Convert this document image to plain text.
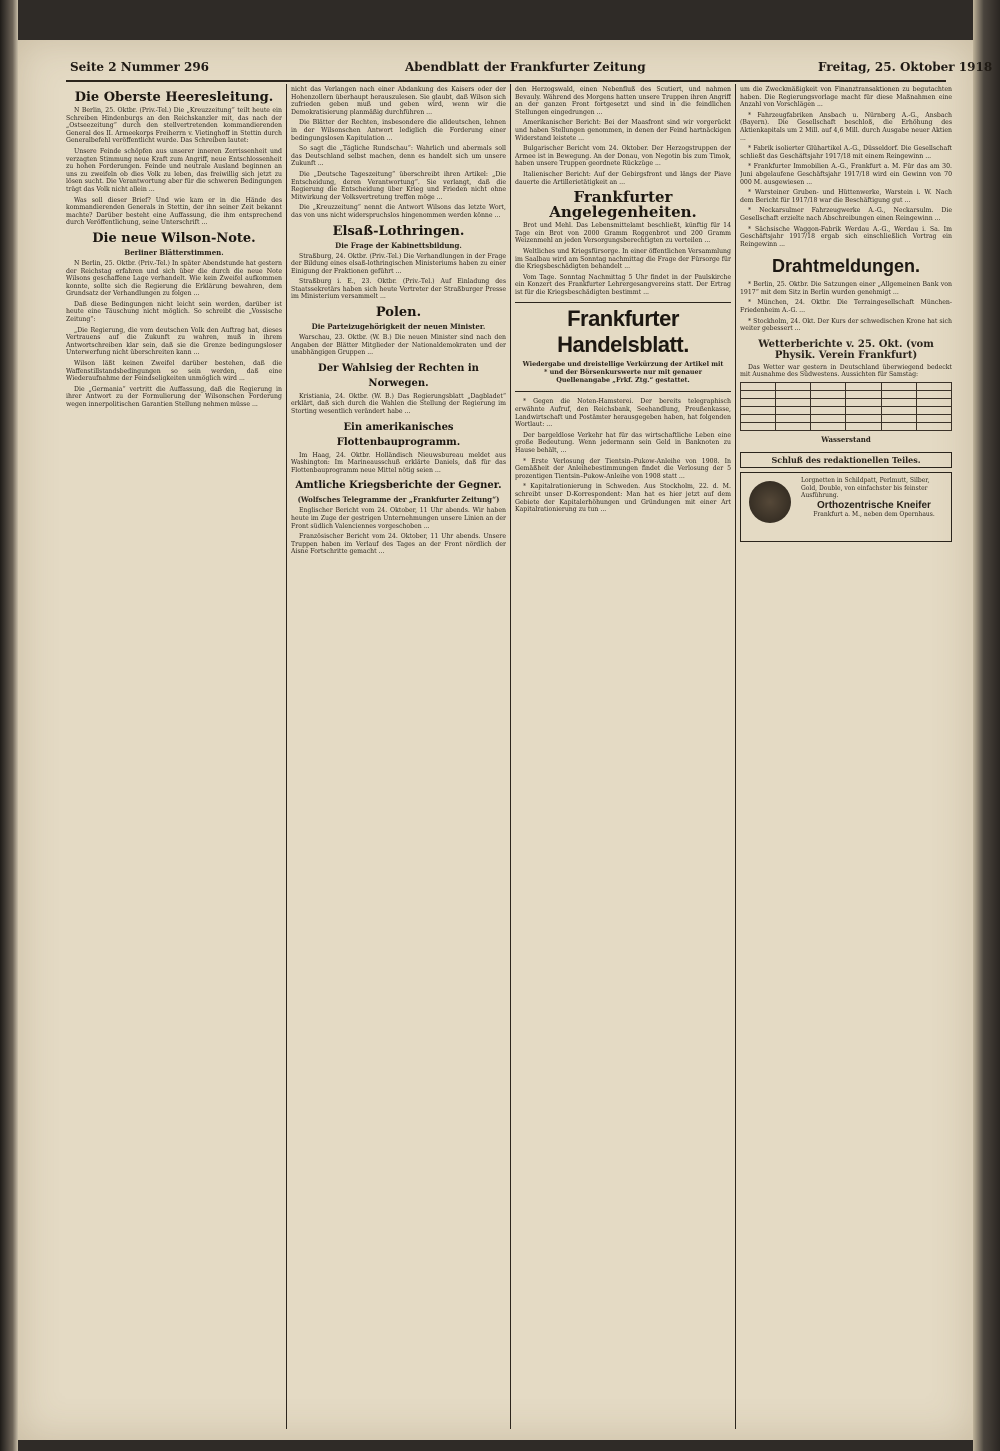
Seite 2 Nummer 296	Abendblatt der Frankfurter Zeitung	Freitag, 25. Oktober 1918
Die Oberste Heeresleitung.

N Berlin, 25. Oktbr. (Priv.-Tel.) Die „Kreuzzeitung“ teilt heute ein Schreiben Hindenburgs an den Reichskanzler mit, das nach der „Ostseezeitung“ durch den stellvertretenden kommandierenden General des II. Armeekorps Freiherrn v. Vietinghoff in Stettin durch Generalbefehl veröffentlicht wurde. Das Schreiben lautet:

Unsere Feinde schöpfen aus unserer inneren Zerrissenheit und verzagten Stimmung neue Kraft zum Angriff, neue Entschlossenheit zu hohen Forderungen. Feinde und neutrale Ausland beginnen an uns zu zweifeln ob dies Volk zu leben, das freiwillig sich jetzt zu lösen sucht. Die Verantwortung aber für die schweren Bedingungen trägt das Volk nicht allein ...

Was soll dieser Brief? Und wie kam er in die Hände des kommandierenden Generals in Stettin, der ihn seiner Zeit bekannt machte? Darüber besteht eine Auffassung, die ihm entsprechend durch Veröffentlichung, seine Unterschrift ...

Die neue Wilson-Note.
Berliner Blätterstimmen.

N Berlin, 25. Oktbr. (Priv.-Tel.) In später Abendstunde hat gestern der Reichstag erfahren und sich über die durch die neue Note Wilsons geschaffene Lage verhandelt. Wie kein Zweifel aufkommen konnte, sollte sich die Regierung die Erklärung bewahren, dem Grundsatz der Verhandlungen zu folgen ...

Daß diese Bedingungen nicht leicht sein werden, darüber ist heute eine Täuschung nicht möglich. So schreibt die „Vossische Zeitung“:

„Die Regierung, die vom deutschen Volk den Auftrag hat, dieses Vertrauens auf die Zukunft zu wahren, muß in ihrem Antwortschreiben klar sein, daß sie die Grenze bedingungsloser Unterwerfung nicht überschreiten kann ...

Wilson läßt keinen Zweifel darüber bestehen, daß die Waffenstillstandsbedingungen so sein werden, daß eine Wiederaufnahme der Feindseligkeiten unmöglich wird ...

Die „Germania“ vertritt die Auffassung, daß die Regierung in ihrer Antwort zu der Formulierung der Wilsonschen Forderung wegen innerpolitischen Garantien Stellung nehmen müsse ...

nicht das Verlangen nach einer Abdankung des Kaisers oder der Hohenzollern überhaupt herauszulesen. Sie glaubt, daß Wilson sich zufrieden geben muß und geben wird, wenn wir die Demokratisierung planmäßig durchführen ...

Die Blätter der Rechten, insbesondere die alldeutschen, lehnen in der Wilsonschen Antwort lediglich die Forderung einer bedingungslosen Kapitulation ...

So sagt die „Tägliche Rundschau“: Wahrlich und abermals soll das Deutschland selbst machen, denn es handelt sich um unsere Zukunft ...

Die „Deutsche Tageszeitung“ überschreibt ihren Artikel: „Die Entscheidung, deren Verantwortung“. Sie verlangt, daß die Regierung die Entscheidung über Krieg und Frieden nicht ohne Mitwirkung der Volksvertretung treffen möge ...

Die „Kreuzzeitung“ nennt die Antwort Wilsons das letzte Wort, das von uns nicht widerspruchslos hingenommen werden könne ...

Elsaß-Lothringen.
Die Frage der Kabinettsbildung.

Straßburg, 24. Oktbr. (Priv.-Tel.) Die Verhandlungen in der Frage der Bildung eines elsaß-lothringischen Ministeriums haben zu einer Einigung der Fraktionen geführt ...

Straßburg i. E., 23. Oktbr. (Priv.-Tel.) Auf Einladung des Staatssekretärs haben sich heute Vertreter der Straßburger Presse im Ministerium versammelt ...

Polen.
Die Parteizugehörigkeit der neuen Minister.

Warschau, 23. Oktbr. (W. B.) Die neuen Minister sind nach den Angaben der Blätter Mitglieder der Nationaldemokraten und der unabhängigen Gruppen ...

Der Wahlsieg der Rechten in Norwegen.

Kristiania, 24. Oktbr. (W. B.) Das Regierungsblatt „Dagbladet“ erklärt, daß sich durch die Wahlen die Stellung der Regierung im Storting wesentlich verändert habe ...

Ein amerikanisches Flottenbauprogramm.

Im Haag, 24. Oktbr. Holländisch Nieuwsbureau meldet aus Washington: Im Marineausschuß erklärte Daniels, daß für das Flottenbauprogramm neue Mittel nötig seien ...

Amtliche Kriegsberichte der Gegner.
(Wolfsches Telegramme der „Frankfurter Zeitung“)

Englischer Bericht vom 24. Oktober, 11 Uhr abends. Wir haben heute im Zuge der gestrigen Unternehmungen unsere Linien an der Front südlich Valenciennes vorgeschoben ...

Französischer Bericht vom 24. Oktober, 11 Uhr abends. Unsere Truppen haben im Verlauf des Tages an der Front nördlich der Aisne Fortschritte gemacht ...

den Herzogswald, einen Nebenfluß des Scutiert, und nahmen Bevauly. Während des Morgens hatten unsere Truppen ihren Angriff an der ganzen Front fortgesetzt und sind in die feindlichen Stellungen eingedrungen ...

Amerikanischer Bericht: Bei der Maasfront sind wir vorgerückt und haben Stellungen genommen, in denen der Feind hartnäckigen Widerstand leistete ...

Bulgarischer Bericht vom 24. Oktober. Der Herzogstruppen der Armee ist in Bewegung. An der Donau, von Negotin bis zum Timok, haben unsere Truppen geordnete Rückzüge ...

Italienischer Bericht: Auf der Gebirgsfront und längs der Piave dauerte die Artillerietätigkeit an ...

Frankfurter Angelegenheiten.

Brot und Mehl. Das Lebensmittelamt beschließt, künftig für 14 Tage ein Brot von 2000 Gramm Roggenbrot und 200 Gramm Weizenmehl an jeden Versorgungsberechtigten zu verteilen ...

Weltliches und Kriegsfürsorge. In einer öffentlichen Versammlung im Saalbau wird am Sonntag nachmittag die Frage der Fürsorge für die Kriegsbeschädigten behandelt ...

Vom Tage. Sonntag Nachmittag 5 Uhr findet in der Paulskirche ein Konzert des Frankfurter Lehrergesangvereins statt. Der Ertrag ist für die Kriegsbeschädigten bestimmt ...

Frankfurter Handelsblatt.
Wiedergabe und dreistellige Verkürzung der Artikel mit * und der Börsenkurswerte nur mit genauer Quellenangabe „Frkf. Ztg.“ gestattet.

* Gegen die Noten-Hamsterei. Der bereits telegraphisch erwähnte Aufruf, den Reichsbank, Seehandlung, Preußenkasse, Landwirtschaft und Postämter herausgegeben haben, hat folgenden Wortlaut: ...

Der bargeldlose Verkehr hat für das wirtschaftliche Leben eine große Bedeutung. Wenn jedermann sein Geld in Banknoten zu Hause behält, ...

* Erste Verlosung der Tientsin–Pukow-Anleihe von 1908. In Gemäßheit der Anleihebestimmungen findet die Verlosung der 5 prozentigen Tientsin–Pukow-Anleihe von 1908 statt ...

* Kapitalrationierung in Schweden. Aus Stockholm, 22. d. M. schreibt unser D-Korrespondent: Man hat es hier jetzt auf dem Gebiete der Kapitalerhöhungen und Gründungen mit einer Art Kapitalrationierung zu tun ...

um die Zweckmäßigkeit von Finanztransaktionen zu begutachten haben. Die Regierungsvorlage macht für diese Maßnahmen eine Anzahl von Vorschlägen ...

* Fahrzeugfabriken Ansbach u. Nürnberg A.-G., Ansbach (Bayern). Die Gesellschaft beschloß, die Erhöhung des Aktienkapitals um 2 Mill. auf 4,6 Mill. durch Ausgabe neuer Aktien ...

* Fabrik isolierter Glühartikel A.-G., Düsseldorf. Die Gesellschaft schließt das Geschäftsjahr 1917/18 mit einem Reingewinn ...

* Frankfurter Immobilien A.-G., Frankfurt a. M. Für das am 30. Juni abgelaufene Geschäftsjahr 1917/18 wird ein Gewinn von 70 000 M. ausgewiesen ...

* Warsteiner Gruben- und Hüttenwerke, Warstein i. W. Nach dem Bericht für 1917/18 war die Beschäftigung gut ...

* Neckarsulmer Fahrzeugwerke A.-G., Neckarsulm. Die Gesellschaft erzielte nach Abschreibungen einen Reingewinn ...

* Sächsische Waggon-Fabrik Werdau A.-G., Werdau i. Sa. Im Geschäftsjahr 1917/18 ergab sich einschließlich Vortrag ein Reingewinn ...

Drahtmeldungen.

* Berlin, 25. Oktbr. Die Satzungen einer „Allgemeinen Bank von 1917“ mit dem Sitz in Berlin wurden genehmigt ...

* München, 24. Oktbr. Die Terraingesellschaft München-Friedenheim A.-G. ...

* Stockholm, 24. Okt. Der Kurs der schwedischen Krone hat sich weiter gebessert ...

Wetterberichte v. 25. Okt. (vom Physik. Verein Frankfurt)

Das Wetter war gestern in Deutschland überwiegend bedeckt mit Ausnahme des Südwestens. Aussichten für Samstag:

Wasserstand
Schluß des redaktionellen Teiles.
Lorgnetten in Schildpatt, Perlmutt, Silber, Gold, Double, von einfachster bis feinster Ausführung.
Orthozentrische Kneifer
Frankfurt a. M., neben dem Opernhaus.
